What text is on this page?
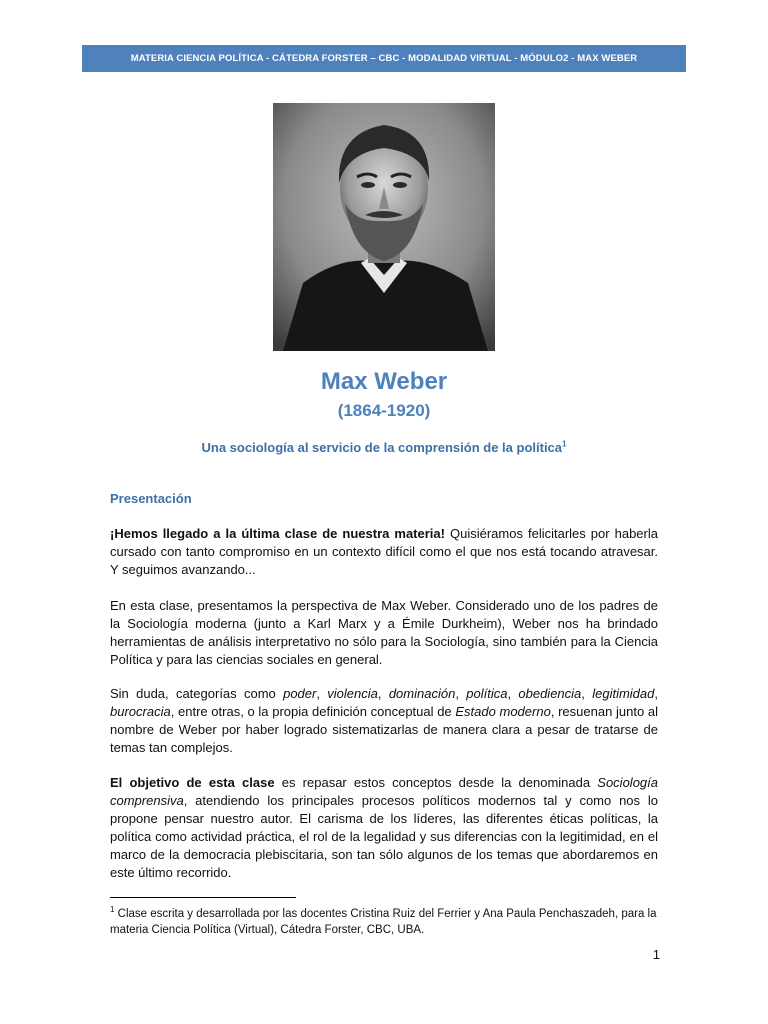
MATERIA CIENCIA POLÍTICA - CÁTEDRA FORSTER – CBC - MODALIDAD VIRTUAL - MÓDULO2 - MAX WEBER
Max Weber
(1864-1920)
Una sociología al servicio de la comprensión de la política$^1$
Presentación

¡Hemos llegado a la última clase de nuestra materia! Quisiéramos felicitarles por haberla cursado con tanto compromiso en un contexto difícil como el que nos está tocando atravesar. Y seguimos avanzando...

En esta clase, presentamos la perspectiva de Max Weber. Considerado uno de los padres de la Sociología moderna (junto a Karl Marx y a Émile Durkheim), Weber nos ha brindado herramientas de análisis interpretativo no sólo para la Sociología, sino también para la Ciencia Política y para las ciencias sociales en general.

Sin duda, categorías como poder, violencia, dominación, política, obediencia, legitimidad, burocracia, entre otras, o la propia definición conceptual de Estado moderno, resuenan junto al nombre de Weber por haber logrado sistematizarlas de manera clara a pesar de tratarse de temas tan complejos.

El objetivo de esta clase es repasar estos conceptos desde la denominada Sociología comprensiva, atendiendo los principales procesos políticos modernos tal y como nos lo propone pensar nuestro autor. El carisma de los líderes, las diferentes éticas políticas, la política como actividad práctica, el rol de la legalidad y sus diferencias con la legitimidad, en el marco de la democracia plebiscitaria, son tan sólo algunos de los temas que abordaremos en este último recorrido.

$^1$ Clase escrita y desarrollada por las docentes Cristina Ruiz del Ferrier y Ana Paula Penchaszadeh, para la materia Ciencia Política (Virtual), Cátedra Forster, CBC, UBA.

1
